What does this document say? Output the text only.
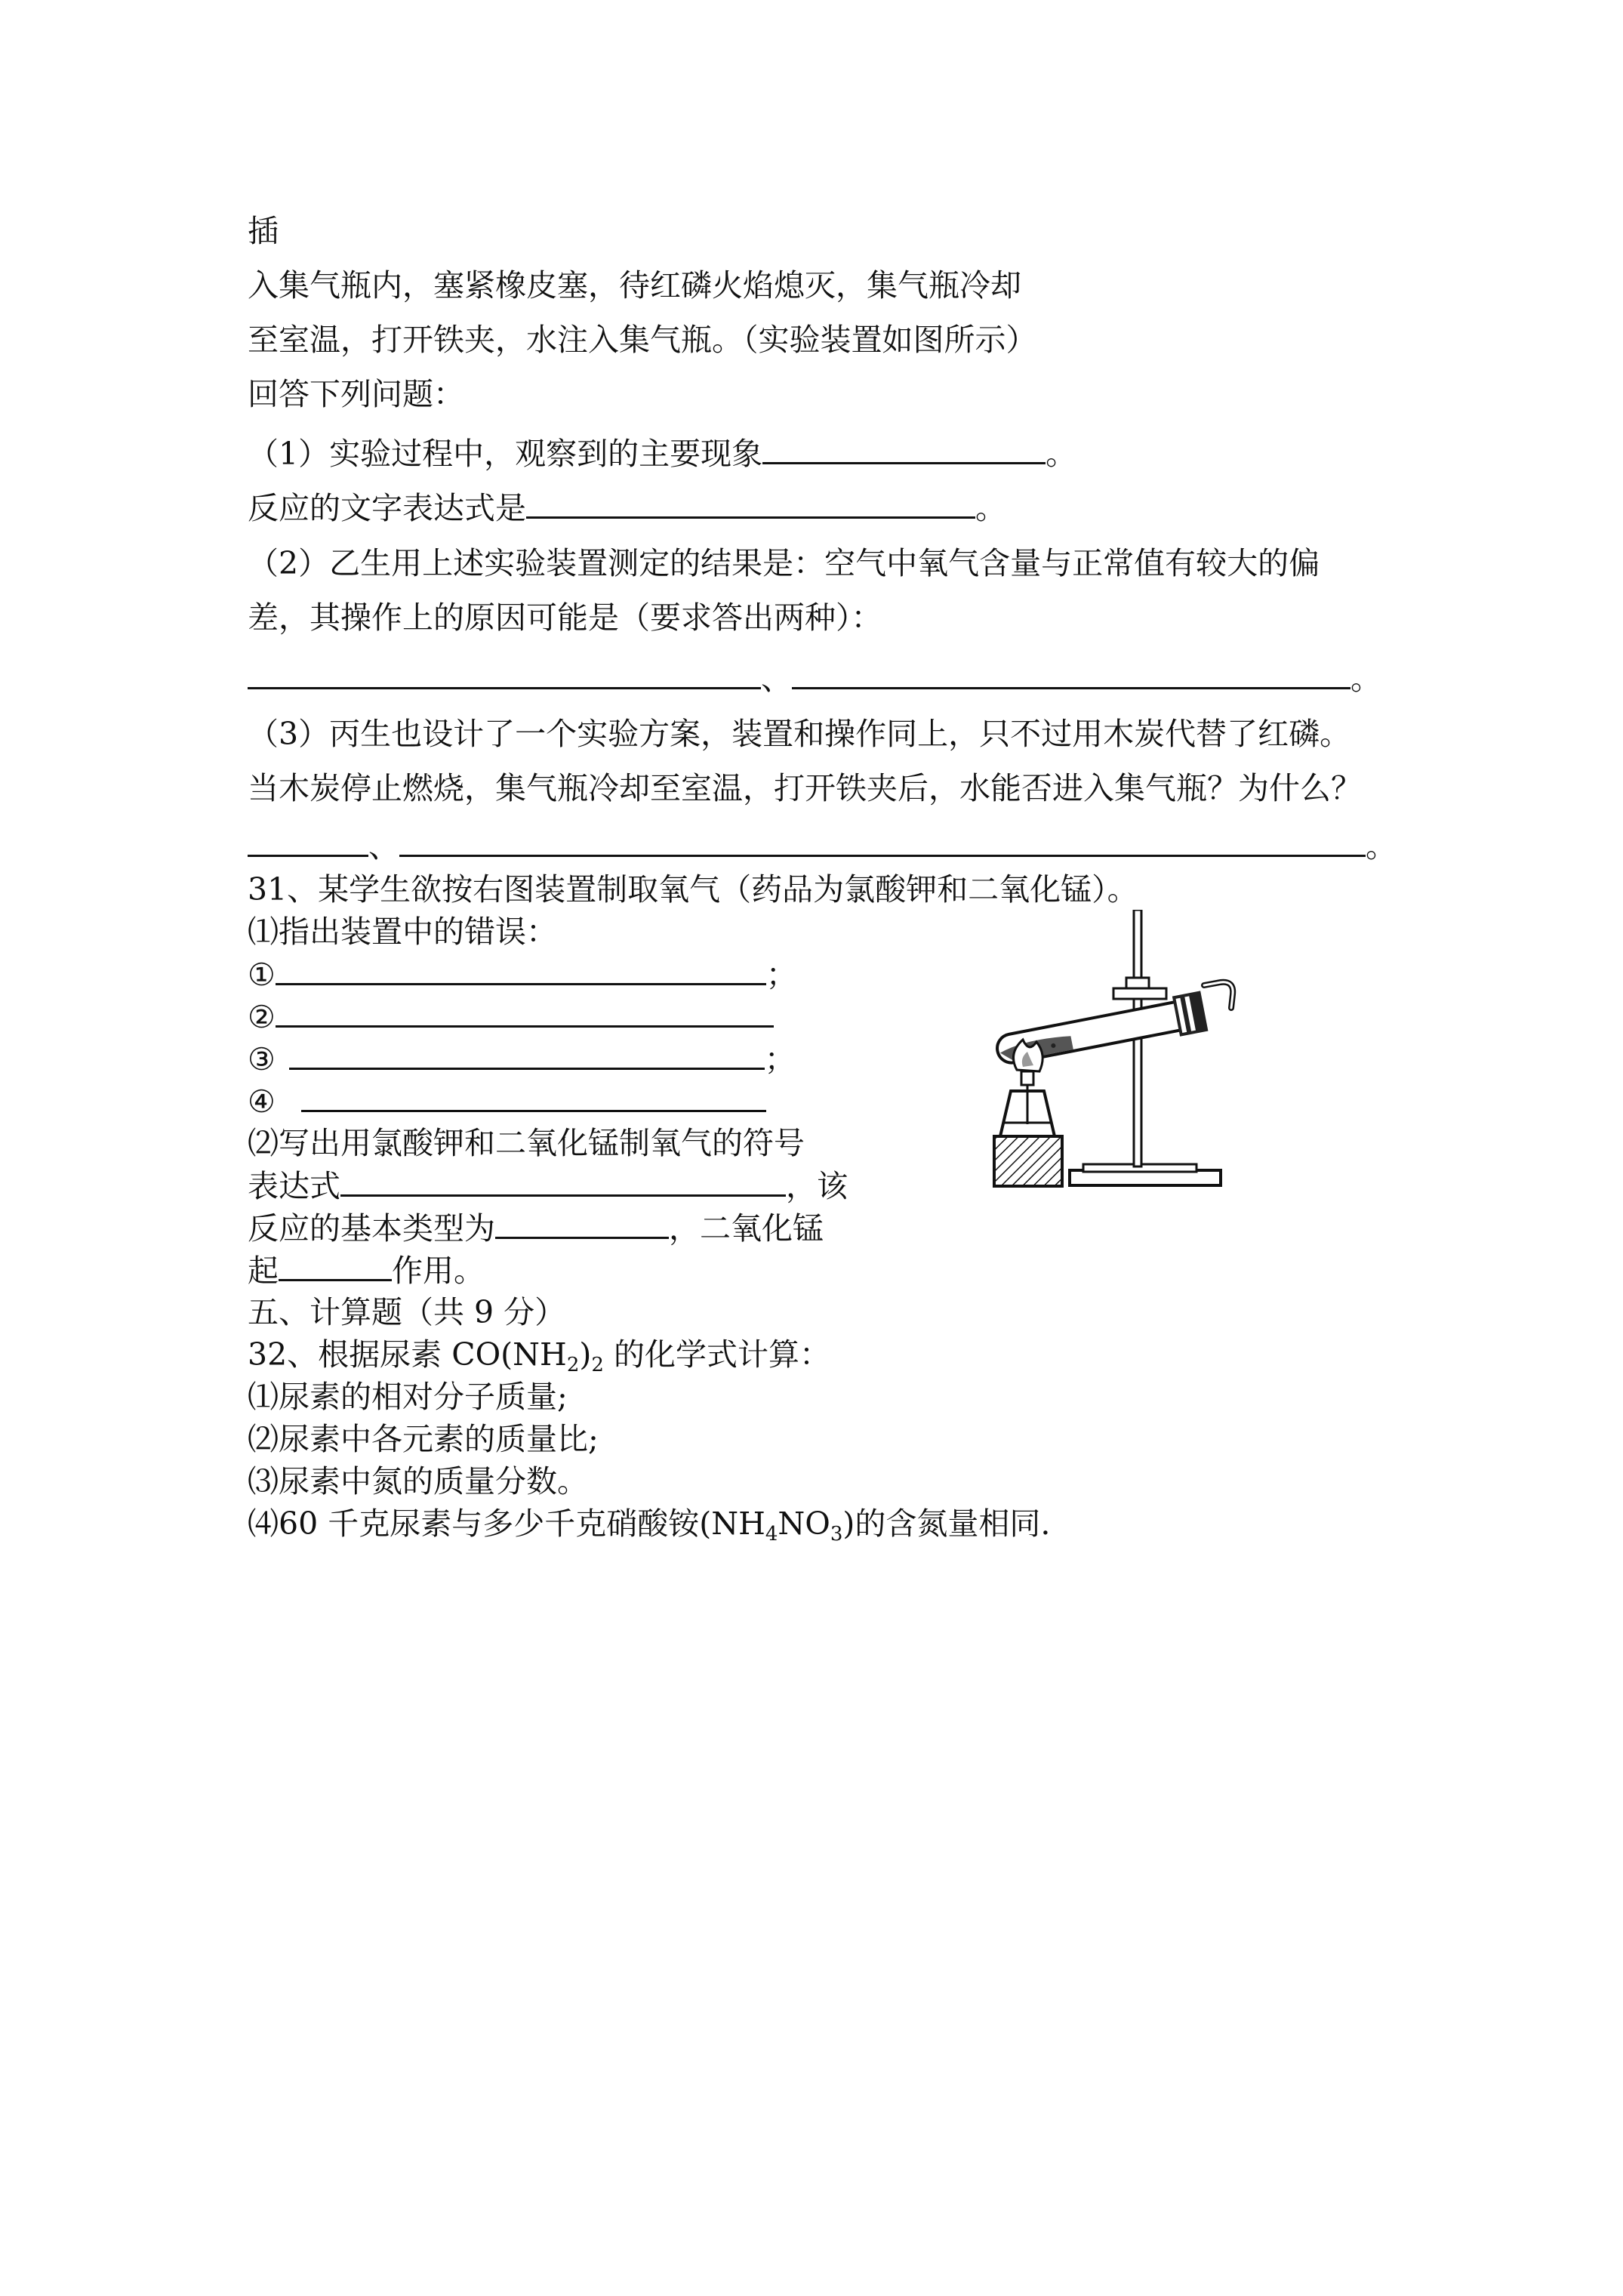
插
入集气瓶内，塞紧橡皮塞，待红磷火焰熄灭，集气瓶冷却
至室温，打开铁夹，水注入集气瓶。（实验装置如图所示）
回答下列问题：
（1）实验过程中，观察到的主要现象	。
反应的文字表达式是	。
（2）乙生用上述实验装置测定的结果是：空气中氧气含量与正常值有较大的偏
差，其操作上的原因可能是（要求答出两种）：
、	。
（3）丙生也设计了一个实验方案，装置和操作同上，只不过用木炭代替了红磷。
当木炭停止燃烧，集气瓶冷却至室温，打开铁夹后，水能否进入集气瓶？为什么？
、	。
31、某学生欲按右图装置制取氧气（药品为氯酸钾和二氧化锰）。
⑴指出装置中的错误：
①	；
②
③	；
④
⑵写出用氯酸钾和二氧化锰制氧气的符号
表达式	，该
反应的基本类型为	，二氧化锰
起	作用。
五、计算题（共 9 分）
32、根据尿素 $CO(NH_2)_2$ 的化学式计算：
⑴尿素的相对分子质量;
⑵尿素中各元素的质量比;
⑶尿素中氮的质量分数。
⑷60 千克尿素与多少千克硝酸铵$(NH_4NO_3)$的含氮量相同.
